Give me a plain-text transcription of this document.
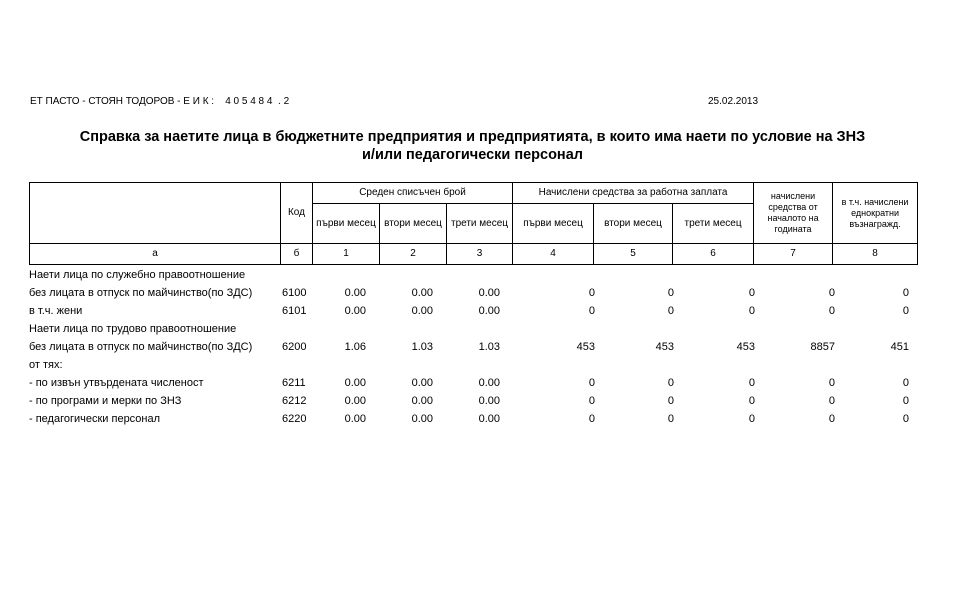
ЕТ ПАСТО - СТОЯН ТОДОРОВ - Е И К :    4 0 5 4 8 4  . 2	25.02.2013
Справка за наетите лица в бюджетните предприятия и предприятията, в които има наети по условие на ЗНЗ
и/или педагогически персонал
	Код	Среден списъчен брой			Начислени средства за работна заплата			начислени средства от началото на годината	в т.ч. начислени еднократни възнагражд.
		първи месец	втори месец	трети месец	първи месец	втори месец	трети месец		
а	б	1	2	3	4	5	6	7	8
Наети лица по служебно правоотношение									
без лицата в отпуск по майчинство(по ЗДС)	6100	0.00	0.00	0.00	0	0	0	0	0
в т.ч. жени	6101	0.00	0.00	0.00	0	0	0	0	0
Наети лица по трудово правоотношение									
без лицата в отпуск по майчинство(по ЗДС)	6200	1.06	1.03	1.03	453	453	453	8857	451
от тях:									
- по извън утвърдената численост	6211	0.00	0.00	0.00	0	0	0	0	0
- по програми и мерки по ЗНЗ	6212	0.00	0.00	0.00	0	0	0	0	0
- педагогически персонал	6220	0.00	0.00	0.00	0	0	0	0	0
